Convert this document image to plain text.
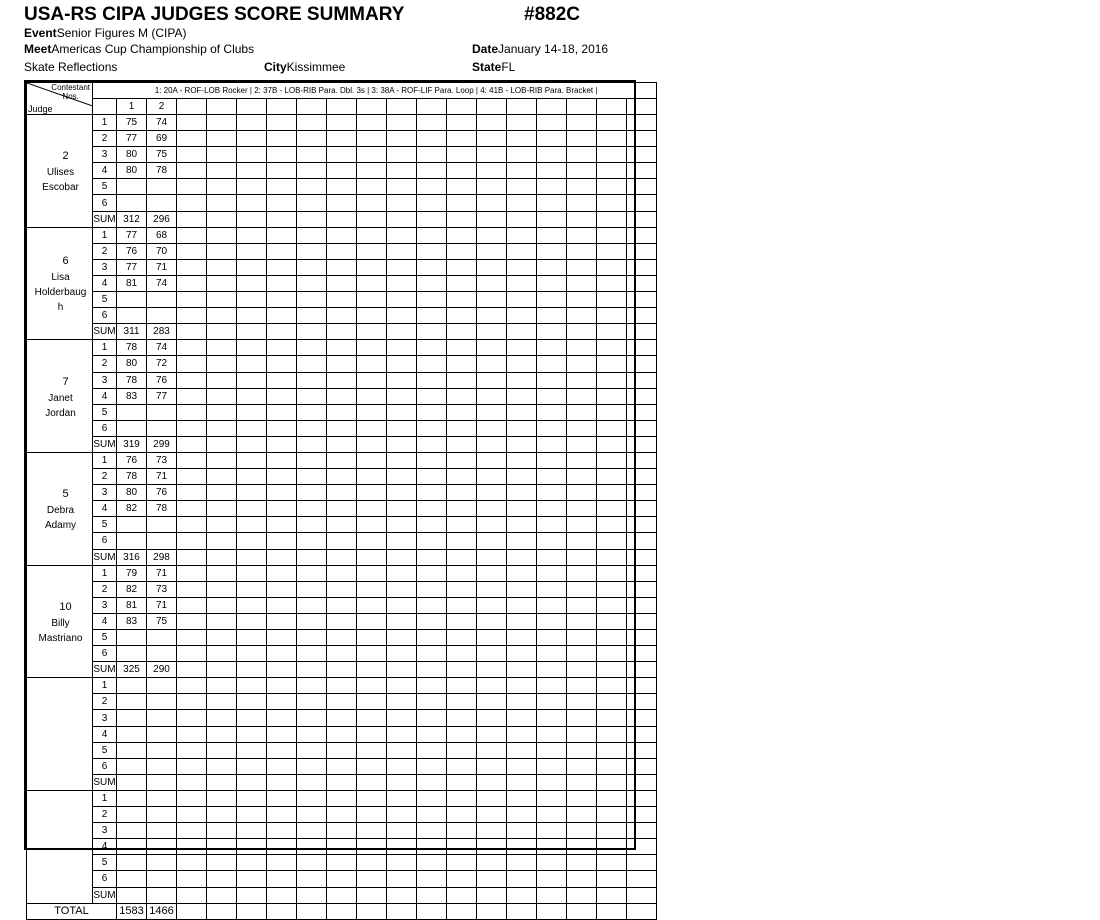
USA-RS CIPA JUDGES SCORE SUMMARY	#882C
EventSenior Figures M (CIPA)
MeetAmericas Cup Championship of Clubs	DateJanuary 14-18, 2016
Skate Reflections	CityKissimmee	StateFL
Contestant
Nos.
Judge	1: 20A - ROF-LOB Rocker | 2: 37B - LOB-RIB Para. Dbl. 3s | 3: 38A - ROF-LIF Para. Loop | 4: 41B - LOB-RIB Para. Bracket |																		
		1	2																

2
Ulises
Escobar	1	75	74																
	2	77	69																
	3	80	75																
	4	80	78																
	5																		
	6																		
	SUM	312	296																

6
Lisa
Holderbaug
h	1	77	68																
	2	76	70																
	3	77	71																
	4	81	74																
	5																		
	6																		
	SUM	311	283																

7
Janet
Jordan	1	78	74																
	2	80	72																
	3	78	76																
	4	83	77																
	5																		
	6																		
	SUM	319	299																

5
Debra
Adamy	1	76	73																
	2	78	71																
	3	80	76																
	4	82	78																
	5																		
	6																		
	SUM	316	298																

10
Billy
Mastriano	1	79	71																
	2	82	73																
	3	81	71																
	4	83	75																
	5																		
	6																		
	SUM	325	290																

	1																		
	2																		
	3																		
	4																		
	5																		
	6																		
	SUM																		

	1																		
	2																		
	3																		
	4																		
	5																		
	6																		
	SUM																		
TOTAL		1583	1466																
